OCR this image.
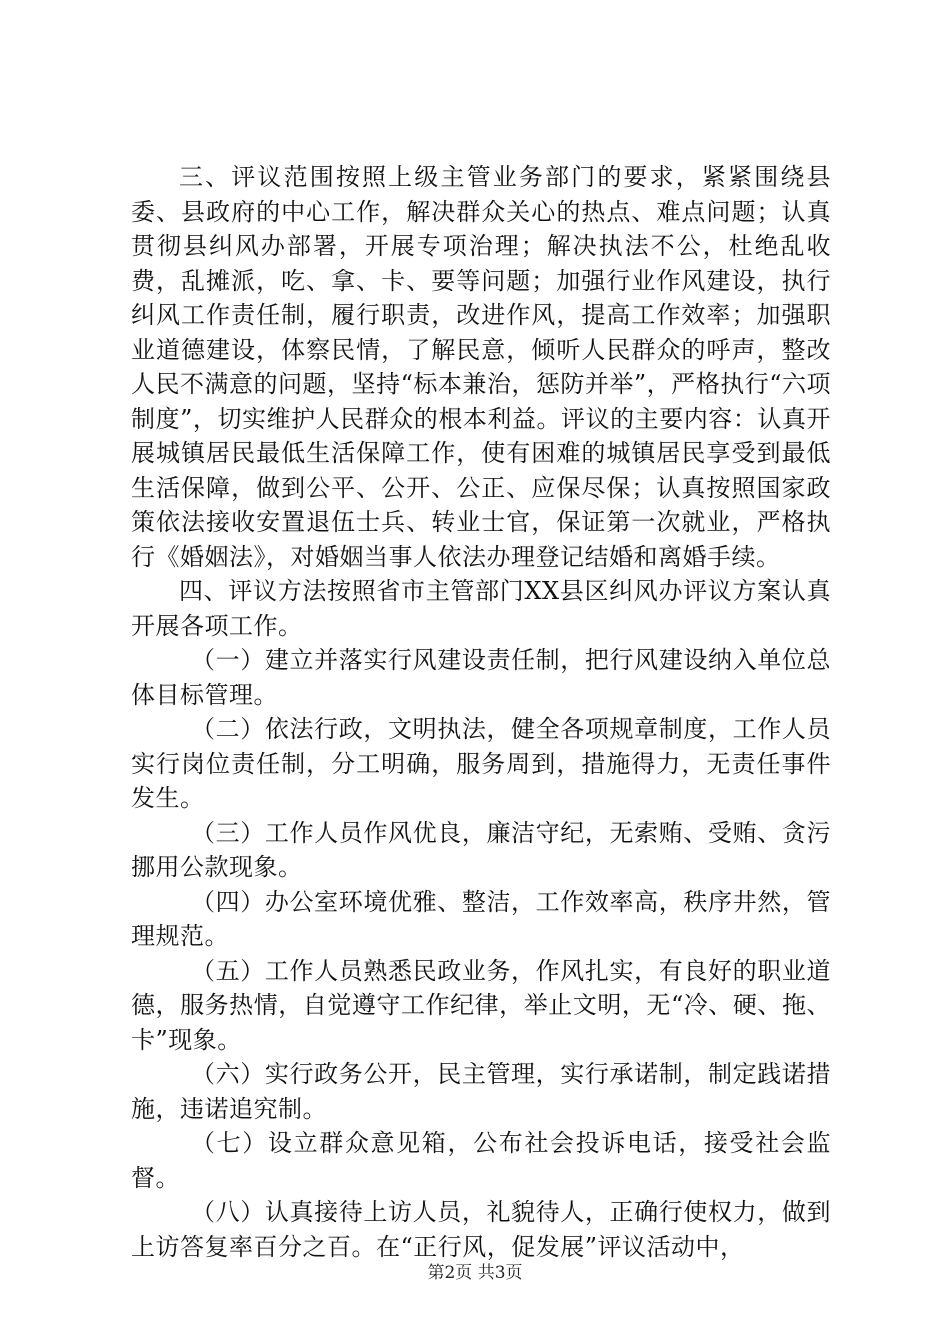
三、评议范围按照上级主管业务部门的要求，紧紧围绕县委、县政府的中心工作，解决群众关心的热点、难点问题；认真贯彻县纠风办部署，开展专项治理；解决执法不公，杜绝乱收费，乱摊派，吃、拿、卡、要等问题；加强行业作风建设，执行纠风工作责任制，履行职责，改进作风，提高工作效率；加强职业道德建设，体察民情，了解民意，倾听人民群众的呼声，整改人民不满意的问题，坚持“标本兼治，惩防并举”，严格执行“六项制度”，切实维护人民群众的根本利益。评议的主要内容：认真开展城镇居民最低生活保障工作，使有困难的城镇居民享受到最低生活保障，做到公平、公开、公正、应保尽保；认真按照国家政策依法接收安置退伍士兵、转业士官，保证第一次就业，严格执行《婚姻法》，对婚姻当事人依法办理登记结婚和离婚手续。

四、评议方法按照省市主管部门XX县区纠风办评议方案认真开展各项工作。

（一）建立并落实行风建设责任制，把行风建设纳入单位总体目标管理。

（二）依法行政，文明执法，健全各项规章制度，工作人员实行岗位责任制，分工明确，服务周到，措施得力，无责任事件发生。

（三）工作人员作风优良，廉洁守纪，无索贿、受贿、贪污挪用公款现象。

（四）办公室环境优雅、整洁，工作效率高，秩序井然，管理规范。

（五）工作人员熟悉民政业务，作风扎实，有良好的职业道德，服务热情，自觉遵守工作纪律，举止文明，无“冷、硬、拖、卡”现象。

（六）实行政务公开，民主管理，实行承诺制，制定践诺措施，违诺追究制。

（七）设立群众意见箱，公布社会投诉电话，接受社会监督。

（八）认真接待上访人员，礼貌待人，正确行使权力，做到上访答复率百分之百。在“正行风，促发展”评议活动中，

第2页 共3页
